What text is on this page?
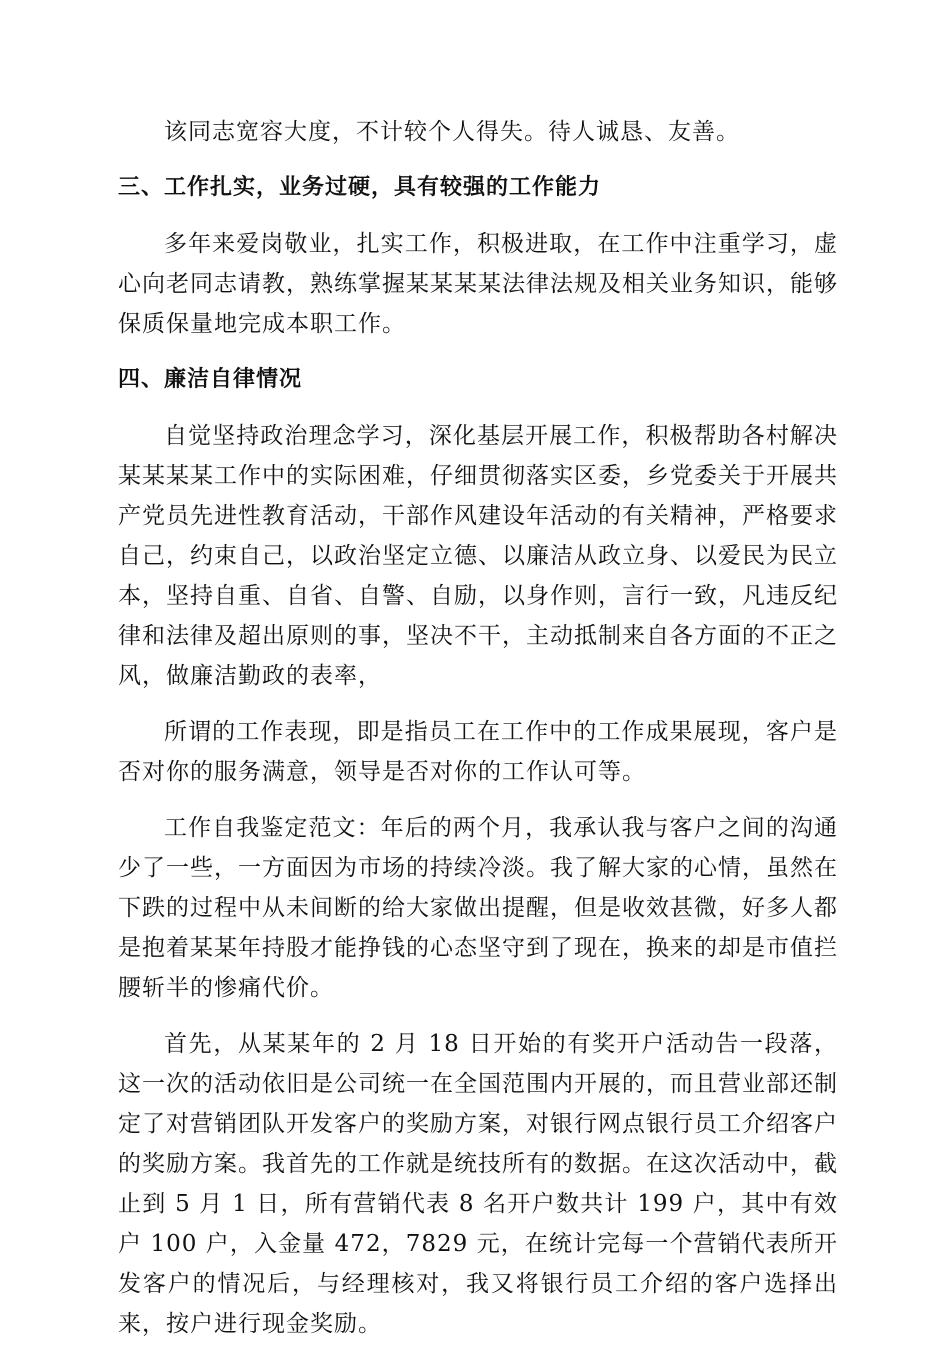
该同志宽容大度，不计较个人得失。待人诚恳、友善。

三、工作扎实，业务过硬，具有较强的工作能力

多年来爱岗敬业，扎实工作，积极进取，在工作中注重学习，虚心向老同志请教，熟练掌握某某某某法律法规及相关业务知识，能够保质保量地完成本职工作。

四、廉洁自律情况

自觉坚持政治理念学习，深化基层开展工作，积极帮助各村解决某某某某工作中的实际困难，仔细贯彻落实区委，乡党委关于开展共产党员先进性教育活动，干部作风建设年活动的有关精神，严格要求自己，约束自己，以政治坚定立德、以廉洁从政立身、以爱民为民立本，坚持自重、自省、自警、自励，以身作则，言行一致，凡违反纪律和法律及超出原则的事，坚决不干，主动抵制来自各方面的不正之风，做廉洁勤政的表率，

所谓的工作表现，即是指员工在工作中的工作成果展现，客户是否对你的服务满意，领导是否对你的工作认可等。

工作自我鉴定范文：年后的两个月，我承认我与客户之间的沟通少了一些，一方面因为市场的持续冷淡。我了解大家的心情，虽然在下跌的过程中从未间断的给大家做出提醒，但是收效甚微，好多人都是抱着某某年持股才能挣钱的心态坚守到了现在，换来的却是市值拦腰斩半的惨痛代价。

首先，从某某年的 2 月 18 日开始的有奖开户活动告一段落，这一次的活动依旧是公司统一在全国范围内开展的，而且营业部还制定了对营销团队开发客户的奖励方案，对银行网点银行员工介绍客户的奖励方案。我首先的工作就是统技所有的数据。在这次活动中，截止到 5 月 1 日，所有营销代表 8 名开户数共计 199 户，其中有效户 100 户，入金量 472，7829 元，在统计完每一个营销代表所开发客户的情况后，与经理核对，我又将银行员工介绍的客户选择出来，按户进行现金奖励。
